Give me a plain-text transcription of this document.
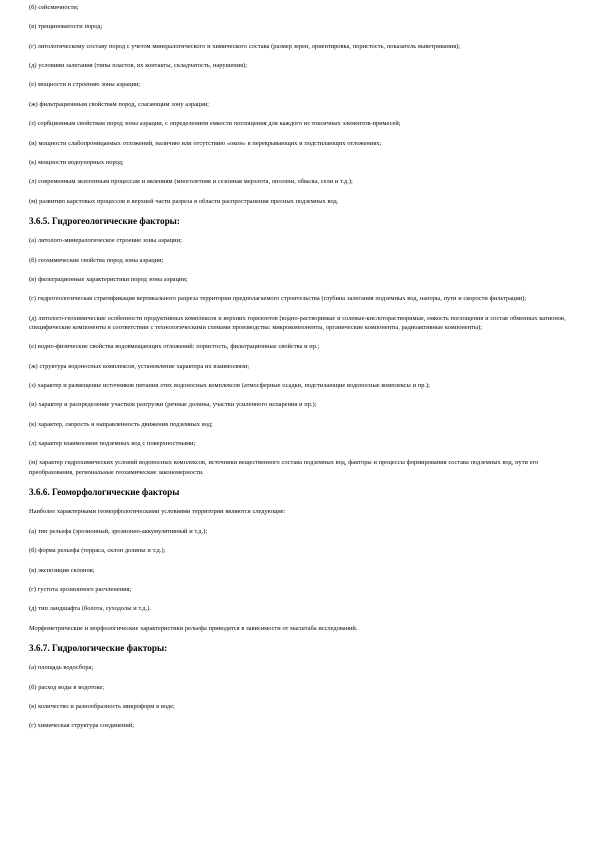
(б) сейсмичности;
(в) трещиноватости пород;
(г) литологическому составу пород с учетом минералогического и химического состава (размер зерен, ориентировка, пористость, показатель выветривания);
(д) условиям залегания (типы пластов, их контакты, складчатость, нарушения);
(е) мощности и строению зоны аэрации;
(ж) фильтрационным свойствам пород, слагающим зону аэрации;
(з) сорбционным свойствам пород зоны аэрации, с определением емкости поглощения для каждого из токсичных элементов-примесей;
(и) мощности слабопроницаемых отложений, наличию или отсутствию «окон» в перекрывающих и подстилающих отложениях;
(к) мощности водоупорных пород;
(л) современным экзогенным процессам и явлениям (многолетняя и сезонная мерзлота, оползни, обвалы, сели и т.д.);
(м) развитию карстовых процессов в верхней части разреза в области распространения пресных подземных вод.
3.6.5. Гидрогеологические факторы:
(а) литолого-минералогическое строение зоны аэрации;
(б) геохимические свойства пород зоны аэрации;
(в) фильтрационные характеристики пород зоны аэрации;
(г) гидрогеологическая стратификация вертикального разреза территории предполагаемого строительства (глубина залегания подземных вод, напоры, пути и скорости фильтрации);
(д) литолого-геохимические особенности продуктивных комплексов и верхних горизонтов (водно-растворимые и солевые-кислоторастворимые, емкость поглощения и состав обменных катионов, специфические компоненты в соответствии с технологическими схемами производства: микрокомпоненты, органические компоненты, радиоактивные компоненты);
(е) водно-физические свойства водовмещающих отложений: пористость, фильтрационные свойства и пр.;
(ж) структура водоносных комплексов, установление характера их взаимосвязи;
(з) характер и размещение источников питания этих водоносных комплексов (атмосферные осадки, подстилающие водоносные комплексы и пр.);
(и) характер и распределение участков разгрузки (речные долины, участки усиленного испарения и пр.);
(к) характер, скорость и направленность движения подземных вод;
(л) характер взаимосвязи подземных вод с поверхностными;
(м) характер гидрохимических условий водоносных комплексов, источники вещественного состава подземных вод, факторы и процессы формирования состава подземных вод, пути его преобразования, региональные геохимические закономерности.
3.6.6. Геоморфологические факторы
Наиболее характерными геоморфологическими условиями территории являются следующие:
(а) тип рельефа (эрозионный, эрозионно-аккумулятивный и т.д.);
(б) форма рельефа (терраса, склон долины и т.д.);
(в) экспозиция склонов;
(г) густота эрозионного расчленения;
(д) тип ландшафта (болота, суходолы и т.д.).
Морфометрические и морфологические характеристики рельефа приводятся в зависимости от масштаба исследований.
3.6.7. Гидрологические факторы:
(а) площадь водосбора;
(б) расход воды в водотоке;
(в) количество и разнообразность микроформ в воде;
(г) химическая структура соединений;
